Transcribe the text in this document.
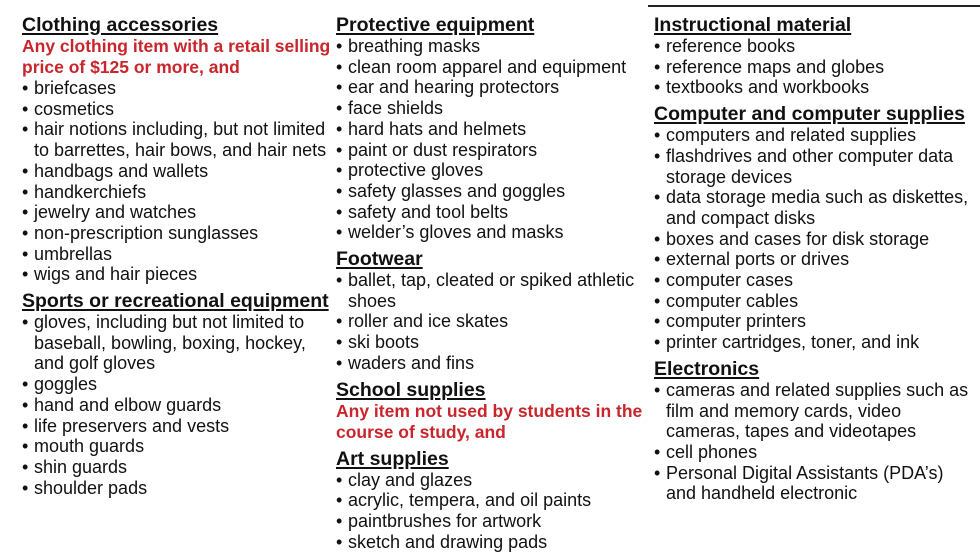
Clothing accessories
Any clothing item with a retail selling price of $125 or more, and
• briefcases
• cosmetics
• hair notions including, but not limited to barrettes, hair bows, and hair nets
• handbags and wallets
• handkerchiefs
• jewelry and watches
• non-prescription sunglasses
• umbrellas
• wigs and hair pieces
Sports or recreational equipment
• gloves, including but not limited to baseball, bowling, boxing, hockey, and golf gloves
• goggles
• hand and elbow guards
• life preservers and vests
• mouth guards
• shin guards
• shoulder pads
Protective equipment
• breathing masks
• clean room apparel and equipment
• ear and hearing protectors
• face shields
• hard hats and helmets
• paint or dust respirators
• protective gloves
• safety glasses and goggles
• safety and tool belts
• welder’s gloves and masks
Footwear
• ballet, tap, cleated or spiked athletic shoes
• roller and ice skates
• ski boots
• waders and fins
School supplies
Any item not used by students in the course of study, and
Art supplies
• clay and glazes
• acrylic, tempera, and oil paints
• paintbrushes for artwork
• sketch and drawing pads
Instructional material
• reference books
• reference maps and globes
• textbooks and workbooks
Computer and computer supplies
• computers and related supplies
• flashdrives and other computer data storage devices
• data storage media such as diskettes, and compact disks
• boxes and cases for disk storage
• external ports or drives
• computer cases
• computer cables
• computer printers
• printer cartridges, toner, and ink
Electronics
• cameras and related supplies such as film and memory cards, video cameras, tapes and videotapes
• cell phones
• Personal Digital Assistants (PDA’s) and handheld electronic
